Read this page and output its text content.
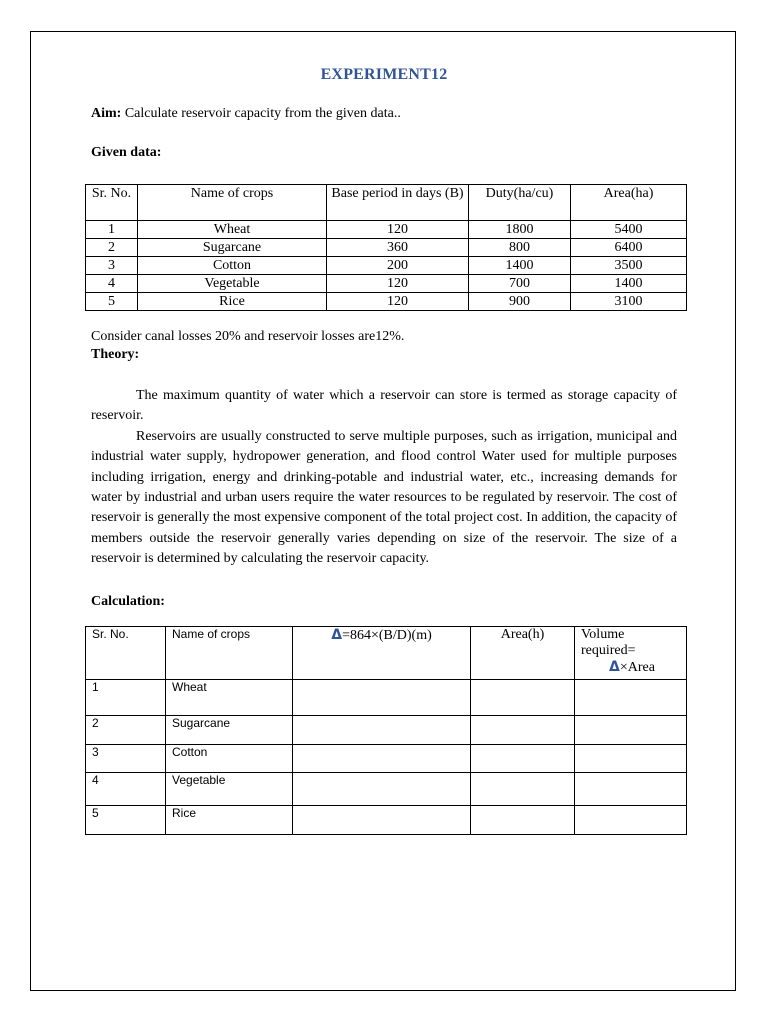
EXPERIMENT12
Aim: Calculate reservoir capacity from the given data..
Given data:
Sr. No.	Name of crops	Base period in days (B)	Duty(ha/cu)	Area(ha)
1	Wheat	120	1800	5400
2	Sugarcane	360	800	6400
3	Cotton	200	1400	3500
4	Vegetable	120	700	1400
5	Rice	120	900	3100
Consider canal losses 20% and reservoir losses are12%.
Theory:

The maximum quantity of water which a reservoir can store is termed as storage capacity of reservoir.

Reservoirs are usually constructed to serve multiple purposes, such as irrigation, municipal and industrial water supply, hydropower generation, and flood control Water used for multiple purposes including irrigation, energy and drinking-potable and industrial water, etc., increasing demands for water by industrial and urban users require the water resources to be regulated by reservoir. The cost of reservoir is generally the most expensive component of the total project cost. In addition, the capacity of members outside the reservoir generally varies depending on size of the reservoir. The size of a reservoir is determined by calculating the reservoir capacity.

Calculation:
Sr. No.	Name of crops	Δ=864×(B/D)(m)	Area(h)	Volume
required=
Δ×Area

1	Wheat			
2	Sugarcane			
3	Cotton			
4	Vegetable			
5	Rice			
